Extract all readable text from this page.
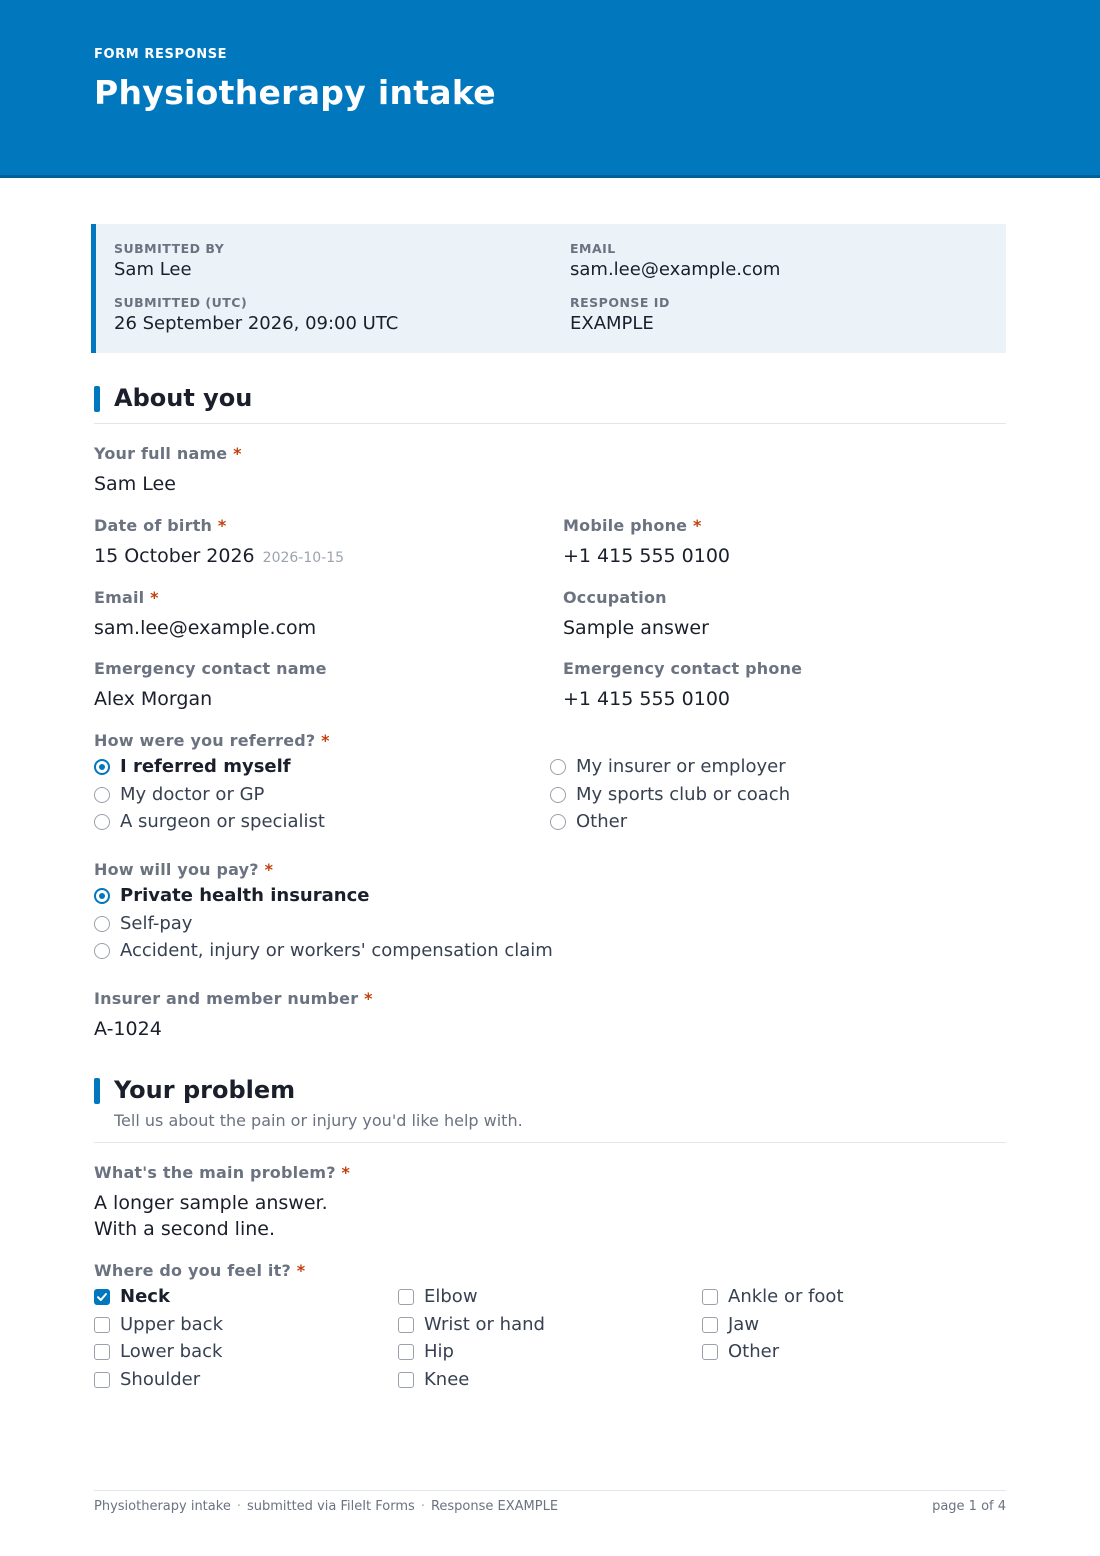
FORM RESPONSE
Physiotherapy intake
SUBMITTED BY
Sam Lee
EMAIL
sam.lee@example.com
SUBMITTED (UTC)
26 September 2026, 09:00 UTC
RESPONSE ID
EXAMPLE
About you
Your full name *
Sam Lee
Date of birth *
15 October 2026 2026-10-15
Mobile phone *
+1 415 555 0100
Email *
sam.lee@example.com
Occupation
Sample answer
Emergency contact name
Alex Morgan
Emergency contact phone
+1 415 555 0100
How were you referred? *
I referred myself
My doctor or GP
A surgeon or specialist
My insurer or employer
My sports club or coach
Other
How will you pay? *
Private health insurance
Self-pay
Accident, injury or workers' compensation claim
Insurer and member number *
A-1024
Your problem
Tell us about the pain or injury you'd like help with.
What's the main problem? *
A longer sample answer.
With a second line.
Where do you feel it? *
Neck
Upper back
Lower back
Shoulder
Elbow
Wrist or hand
Hip
Knee
Ankle or foot
Jaw
Other
Physiotherapy intake · submitted via FileIt Forms · Response EXAMPLE	page 1 of 4
